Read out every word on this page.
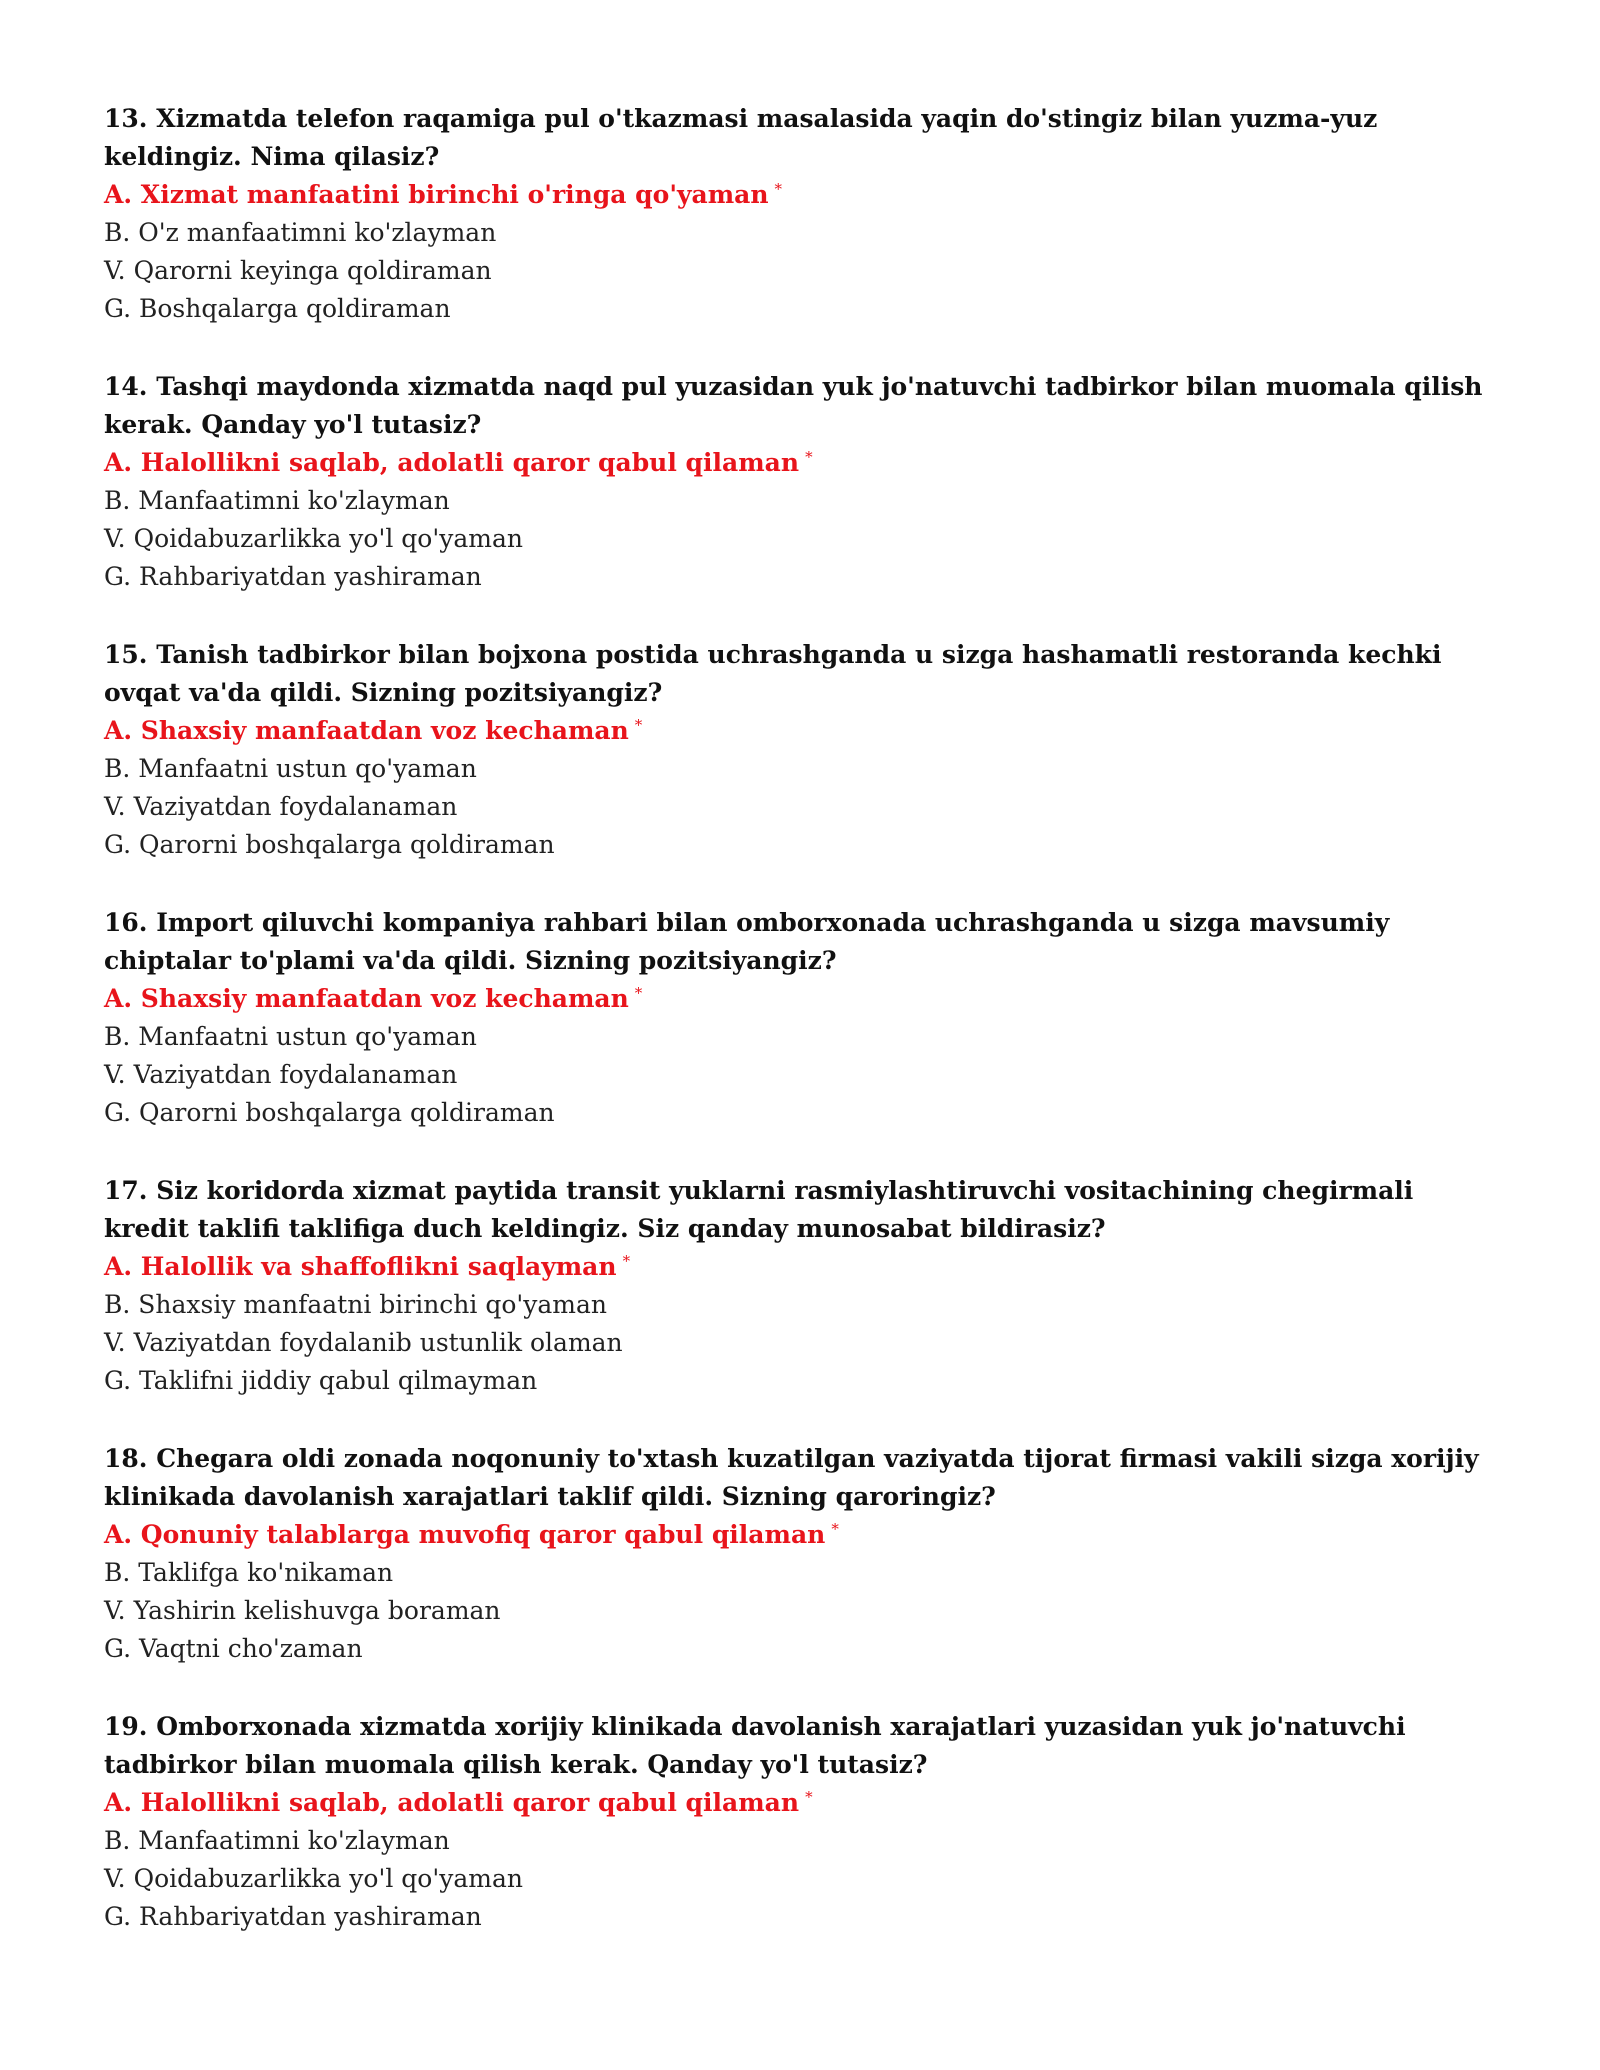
13. Xizmatda telefon raqamiga pul o'tkazmasi masalasida yaqin do'stingiz bilan yuzma-yuz keldingiz. Nima qilasiz?

A. Xizmat manfaatini birinchi o'ringa qo'yaman *

B. O'z manfaatimni ko'zlayman

V. Qarorni keyinga qoldiraman

G. Boshqalarga qoldiraman

14. Tashqi maydonda xizmatda naqd pul yuzasidan yuk jo'natuvchi tadbirkor bilan muomala qilish kerak. Qanday yo'l tutasiz?

A. Halollikni saqlab, adolatli qaror qabul qilaman *

B. Manfaatimni ko'zlayman

V. Qoidabuzarlikka yo'l qo'yaman

G. Rahbariyatdan yashiraman

15. Tanish tadbirkor bilan bojxona postida uchrashganda u sizga hashamatli restoranda kechki ovqat va'da qildi. Sizning pozitsiyangiz?

A. Shaxsiy manfaatdan voz kechaman *

B. Manfaatni ustun qo'yaman

V. Vaziyatdan foydalanaman

G. Qarorni boshqalarga qoldiraman

16. Import qiluvchi kompaniya rahbari bilan omborxonada uchrashganda u sizga mavsumiy chiptalar to'plami va'da qildi. Sizning pozitsiyangiz?

A. Shaxsiy manfaatdan voz kechaman *

B. Manfaatni ustun qo'yaman

V. Vaziyatdan foydalanaman

G. Qarorni boshqalarga qoldiraman

17. Siz koridorda xizmat paytida transit yuklarni rasmiylashtiruvchi vositachining chegirmali kredit taklifi taklifiga duch keldingiz. Siz qanday munosabat bildirasiz?

A. Halollik va shaffoflikni saqlayman *

B. Shaxsiy manfaatni birinchi qo'yaman

V. Vaziyatdan foydalanib ustunlik olaman

G. Taklifni jiddiy qabul qilmayman

18. Chegara oldi zonada noqonuniy to'xtash kuzatilgan vaziyatda tijorat firmasi vakili sizga xorijiy klinikada davolanish xarajatlari taklif qildi. Sizning qaroringiz?

A. Qonuniy talablarga muvofiq qaror qabul qilaman *

B. Taklifga ko'nikaman

V. Yashirin kelishuvga boraman

G. Vaqtni cho'zaman

19. Omborxonada xizmatda xorijiy klinikada davolanish xarajatlari yuzasidan yuk jo'natuvchi tadbirkor bilan muomala qilish kerak. Qanday yo'l tutasiz?

A. Halollikni saqlab, adolatli qaror qabul qilaman *

B. Manfaatimni ko'zlayman

V. Qoidabuzarlikka yo'l qo'yaman

G. Rahbariyatdan yashiraman
